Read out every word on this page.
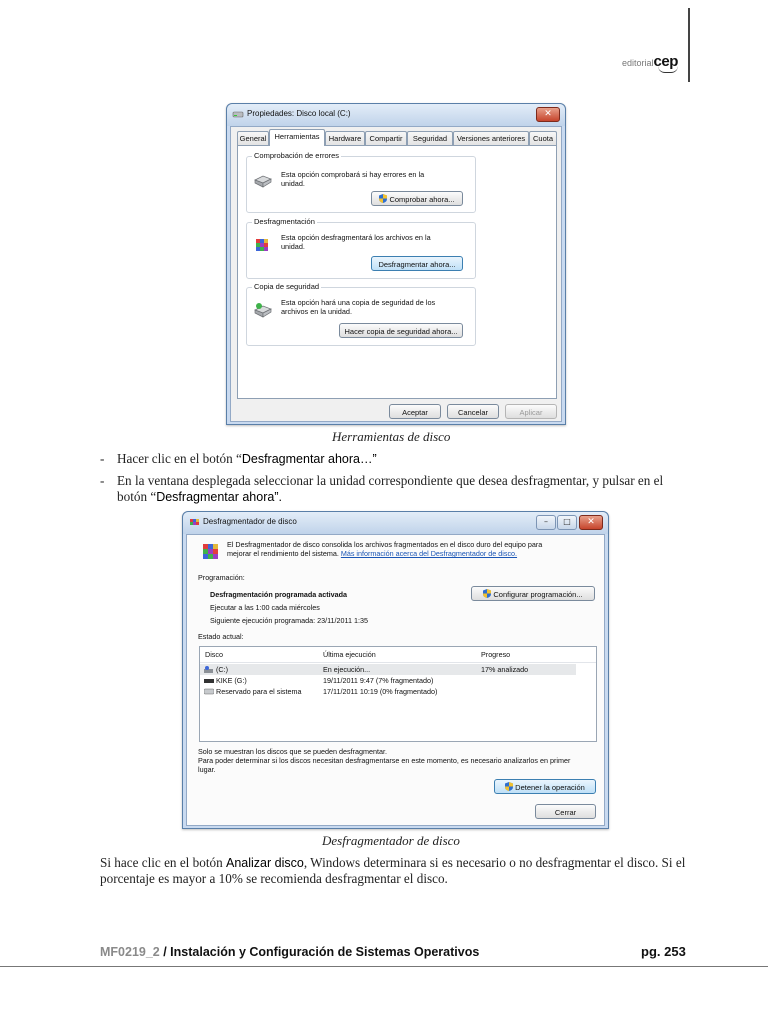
editorialcep
Propiedades: Disco local (C:)	✕
General	Herramientas	Hardware	Compartir	Seguridad	Versiones anteriores	Cuota
Comprobación de errores
Esta opción comprobará si hay errores en la unidad.
Comprobar ahora...
Desfragmentación
Esta opción desfragmentará los archivos en la unidad.
Desfragmentar ahora...
Copia de seguridad
Esta opción hará una copia de seguridad de los archivos en la unidad.
Hacer copia de seguridad ahora...
Aceptar	Cancelar	Aplicar
Herramientas de disco
- Hacer clic en el botón “Desfragmentar ahora…”
- En la ventana desplegada seleccionar la unidad correspondiente que desea desfragmentar, y pulsar en el botón “Desfragmentar ahora”.
Desfragmentador de disco	–	□	✕
El Desfragmentador de disco consolida los archivos fragmentados en el disco duro del equipo para
mejorar el rendimiento del sistema. Más información acerca del Desfragmentador de disco.
Programación:
Desfragmentación programada activada
Ejecutar a las 1:00 cada miércoles
Siguiente ejecución programada: 23/11/2011 1:35
Configurar programación...
Estado actual:
Disco	Última ejecución	Progreso
(C:)	En ejecución...	17% analizado
KIKE (G:)	19/11/2011 9:47 (7% fragmentado)
Reservado para el sistema	17/11/2011 10:19 (0% fragmentado)
Solo se muestran los discos que se pueden desfragmentar.
Para poder determinar si los discos necesitan desfragmentarse en este momento, es necesario analizarlos en primer
lugar.
Detener la operación
Cerrar
Desfragmentador de disco
Si hace clic en el botón Analizar disco, Windows determinara si es necesario o no desfragmentar el disco. Si el porcentaje es mayor a 10% se recomienda desfragmentar el disco.
MF0219_2 / Instalación y Configuración de Sistemas Operativos	pg. 253
